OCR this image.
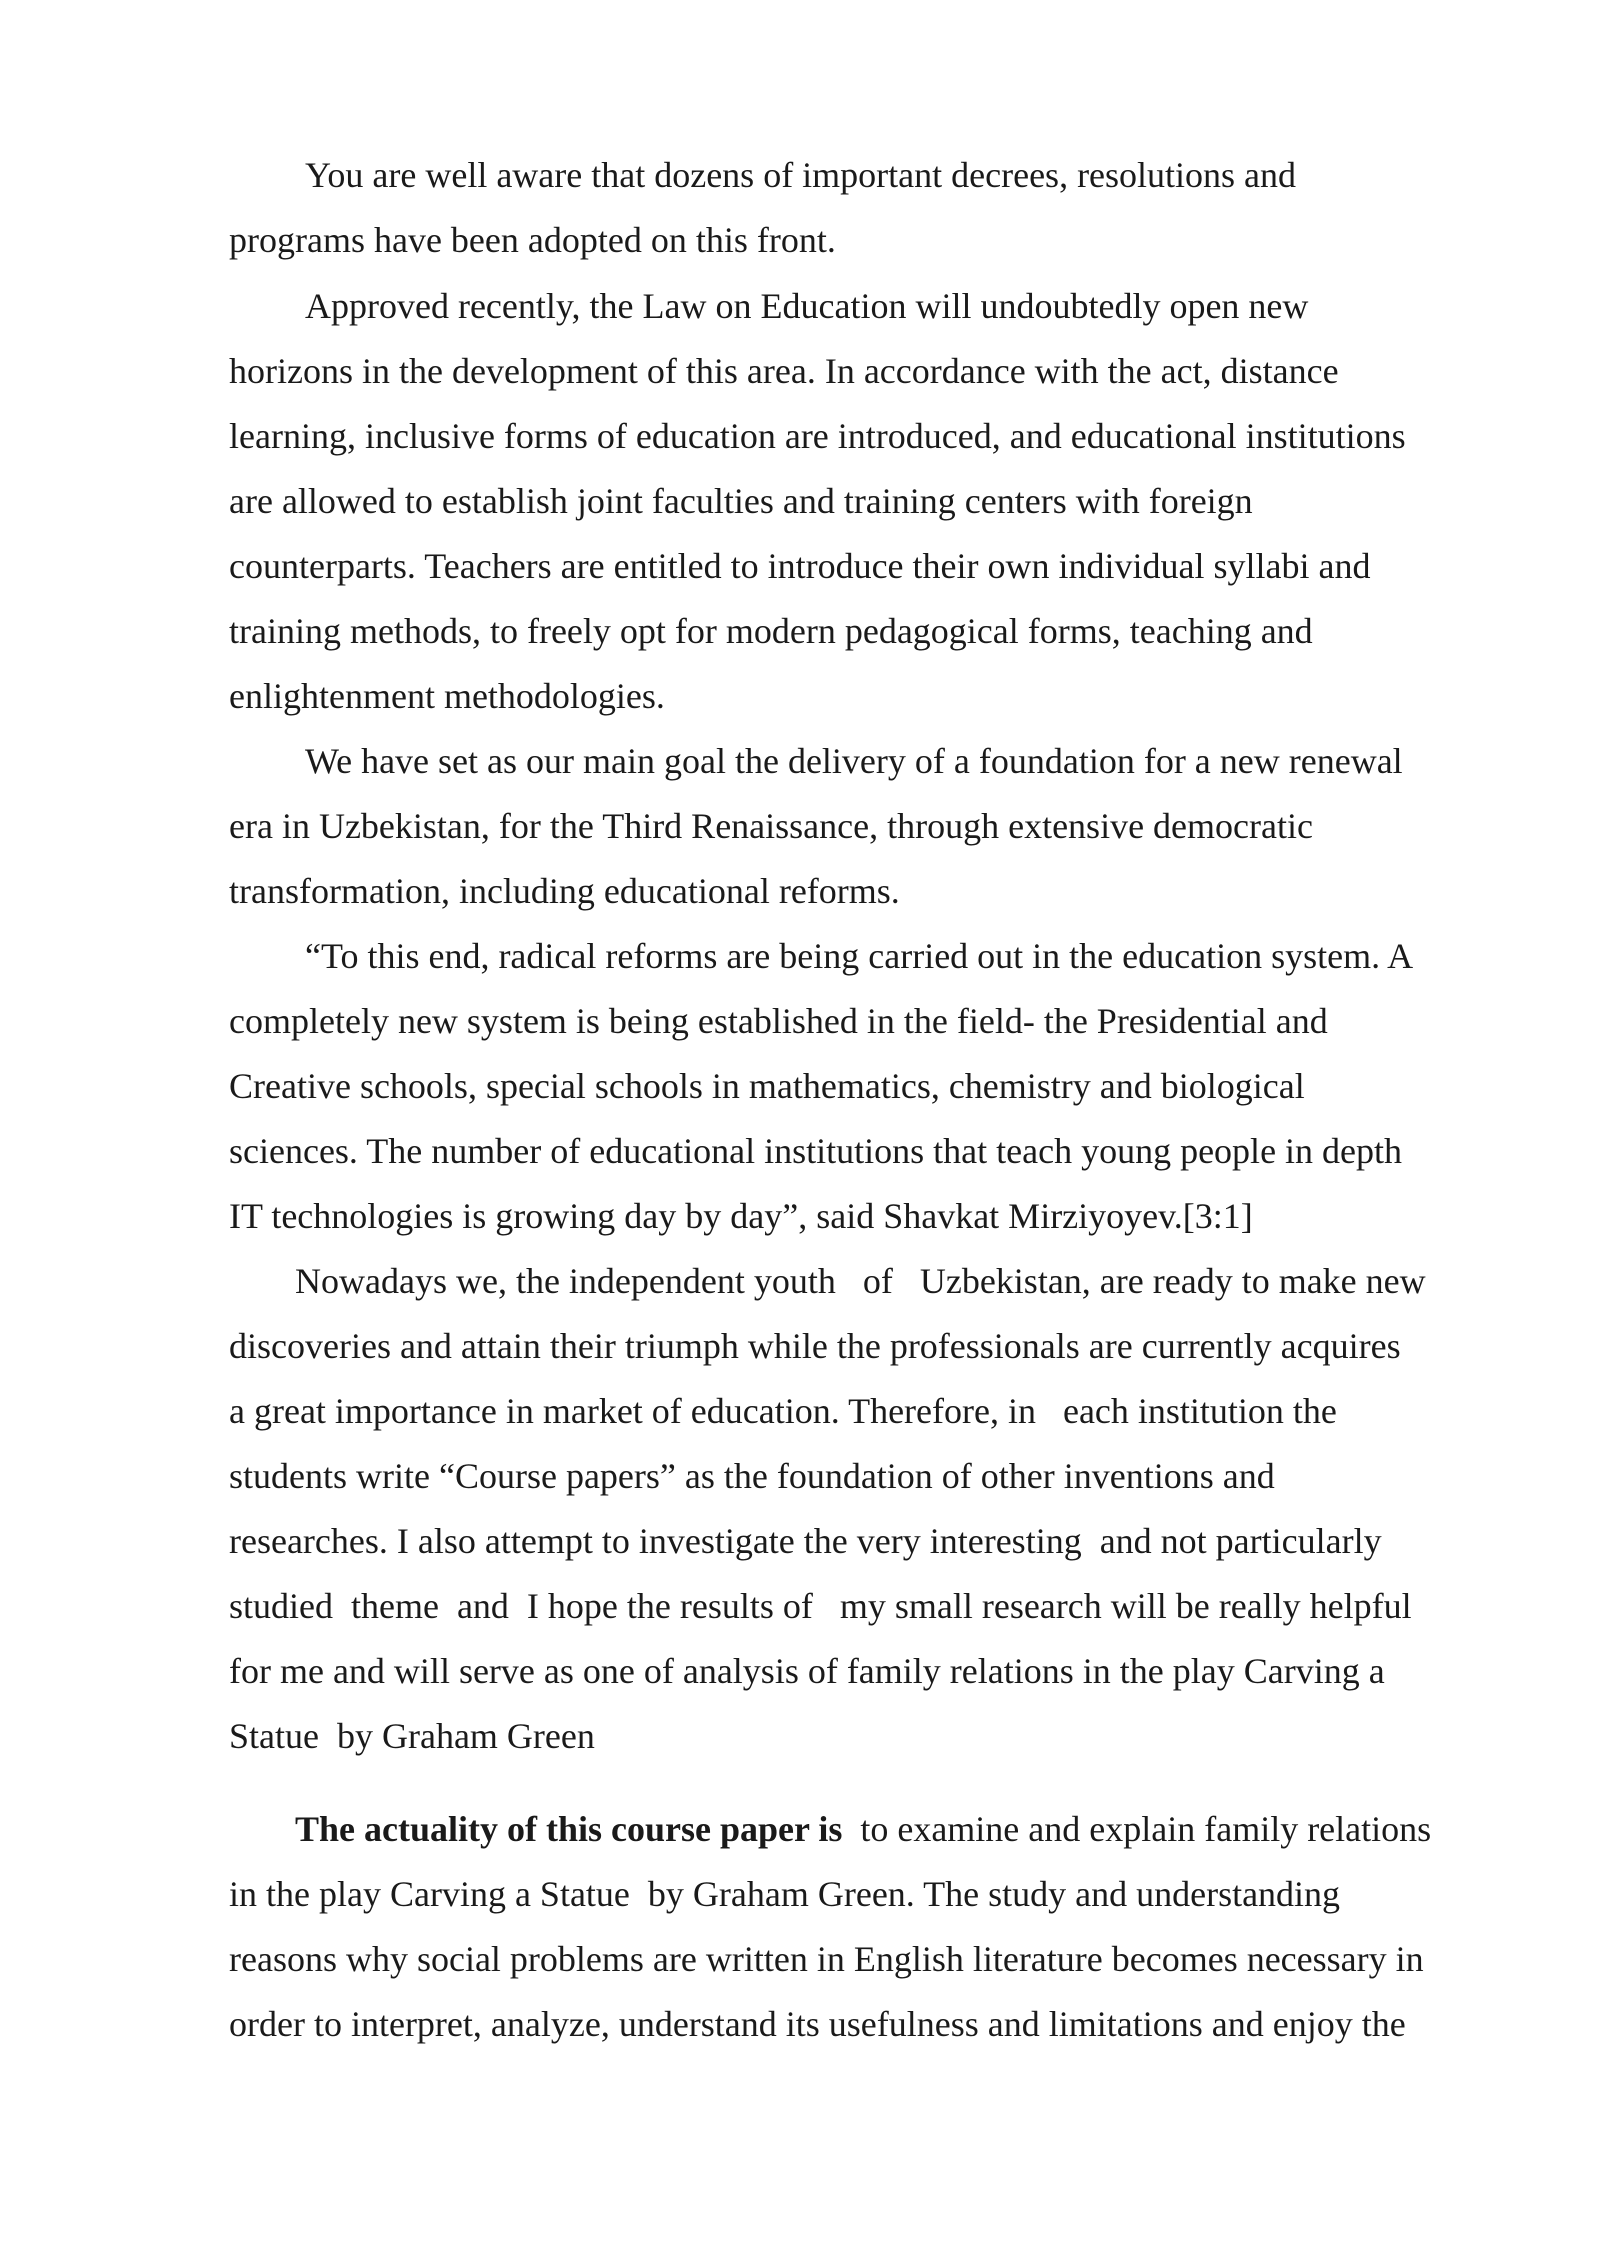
You are well aware that dozens of important decrees, resolutions and

programs have been adopted on this front.

Approved recently, the Law on Education will undoubtedly open new

horizons in the development of this area. In accordance with the act, distance

learning, inclusive forms of education are introduced, and educational institutions

are allowed to establish joint faculties and training centers with foreign

counterparts. Teachers are entitled to introduce their own individual syllabi and

training methods, to freely opt for modern pedagogical forms, teaching and

enlightenment methodologies.

We have set as our main goal the delivery of a foundation for a new renewal

era in Uzbekistan, for the Third Renaissance, through extensive democratic

transformation, including educational reforms.

“To this end, radical reforms are being carried out in the education system. A

completely new system is being established in the field- the Presidential and

Creative schools, special schools in mathematics, chemistry and biological

sciences. The number of educational institutions that teach young people in depth

IT technologies is growing day by day”, said Shavkat Mirziyoyev.[3:1]

Nowadays we, the independent youth   of   Uzbekistan, are ready to make new

discoveries and attain their triumph while the professionals are currently acquires

a great importance in market of education. Therefore, in   each institution the

students write “Course papers” as the foundation of other inventions and

researches. I also attempt to investigate the very interesting  and not particularly

studied  theme  and  I hope the results of   my small research will be really helpful

for me and will serve as one of analysis of family relations in the play Carving a

Statue  by Graham Green

The actuality of this course paper is  to examine and explain family relations

in the play Carving a Statue  by Graham Green. The study and understanding

reasons why social problems are written in English literature becomes necessary in

order to interpret, analyze, understand its usefulness and limitations and enjoy the
